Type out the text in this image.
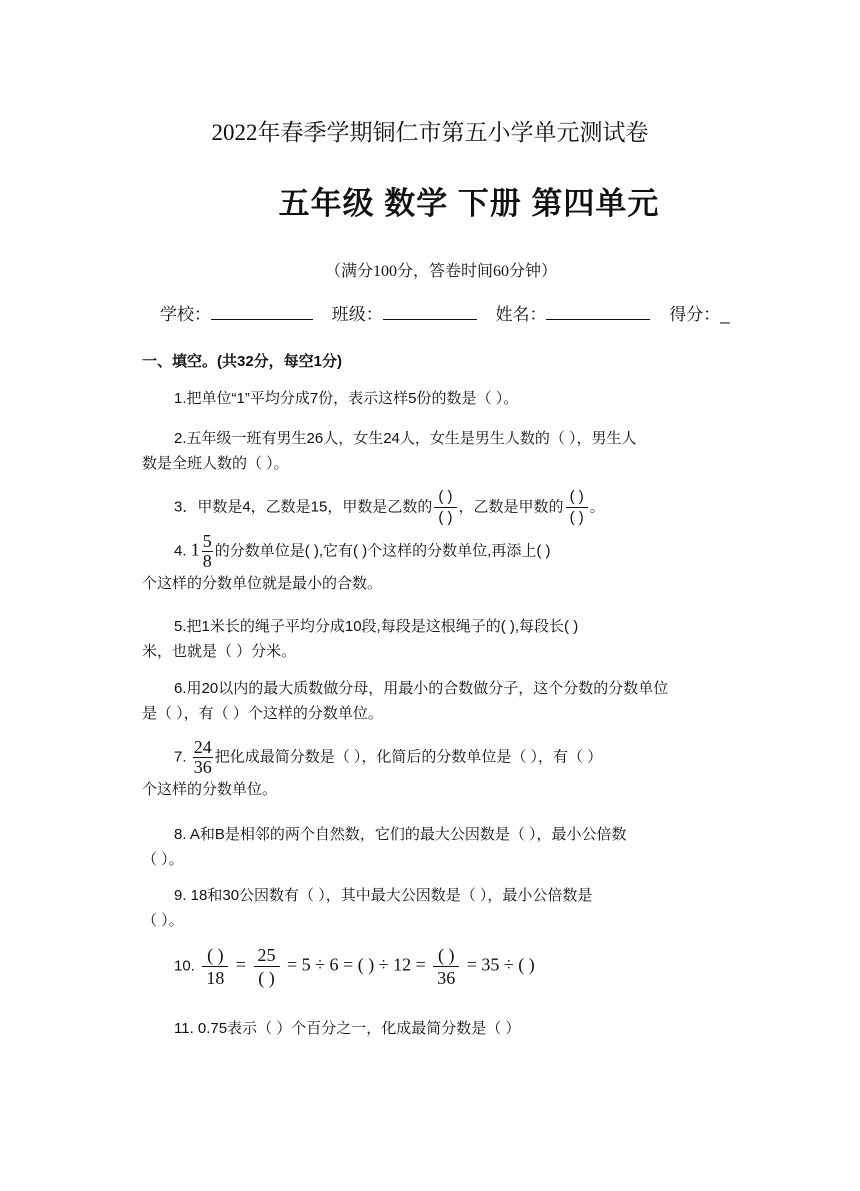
2022年春季学期铜仁市第五小学单元测试卷
五年级 数学 下册 第四单元
（满分100分，答卷时间60分钟）
学校：	班级：	姓名：	得分：_
一、填空。(共32分，每空1分)
1.把单位“1”平均分成7份，表示这样5份的数是（ ）。
2.五年级一班有男生26人，女生24人，女生是男生人数的（ ），男生人
数是全班人数的（ ）。
3．甲数是4，乙数是15，甲数是乙数的 $\frac{( )}{( )}$ ，乙数是甲数的 $\frac{( )}{( )}$ 。
4. $1 \frac{5}{8}$ 的分数单位是( ),它有( )个这样的分数单位,再添上( )
个这样的分数单位就是最小的合数。
5.把1米长的绳子平均分成10段,每段是这根绳子的( ),每段长( )
米，也就是（ ）分米。
6.用20以内的最大质数做分母，用最小的合数做分子，这个分数的分数单位
是（ ），有（ ）个这样的分数单位。
7. $\frac{24}{36}$ 把化成最简分数是（ ），化简后的分数单位是（ ），有（ ）
个这样的分数单位。
8. A和B是相邻的两个自然数，它们的最大公因数是（ ），最小公倍数
（ ）。
9. 18和30公因数有（ ），其中最大公因数是（ ），最小公倍数是
（ ）。
10.
( )
18
= 25
( )
= 5 ÷ 6 = ( ) ÷ 12 = ( )
36
= 35 ÷ ( )
11. 0.75表示（ ）个百分之一，化成最简分数是（ ）
